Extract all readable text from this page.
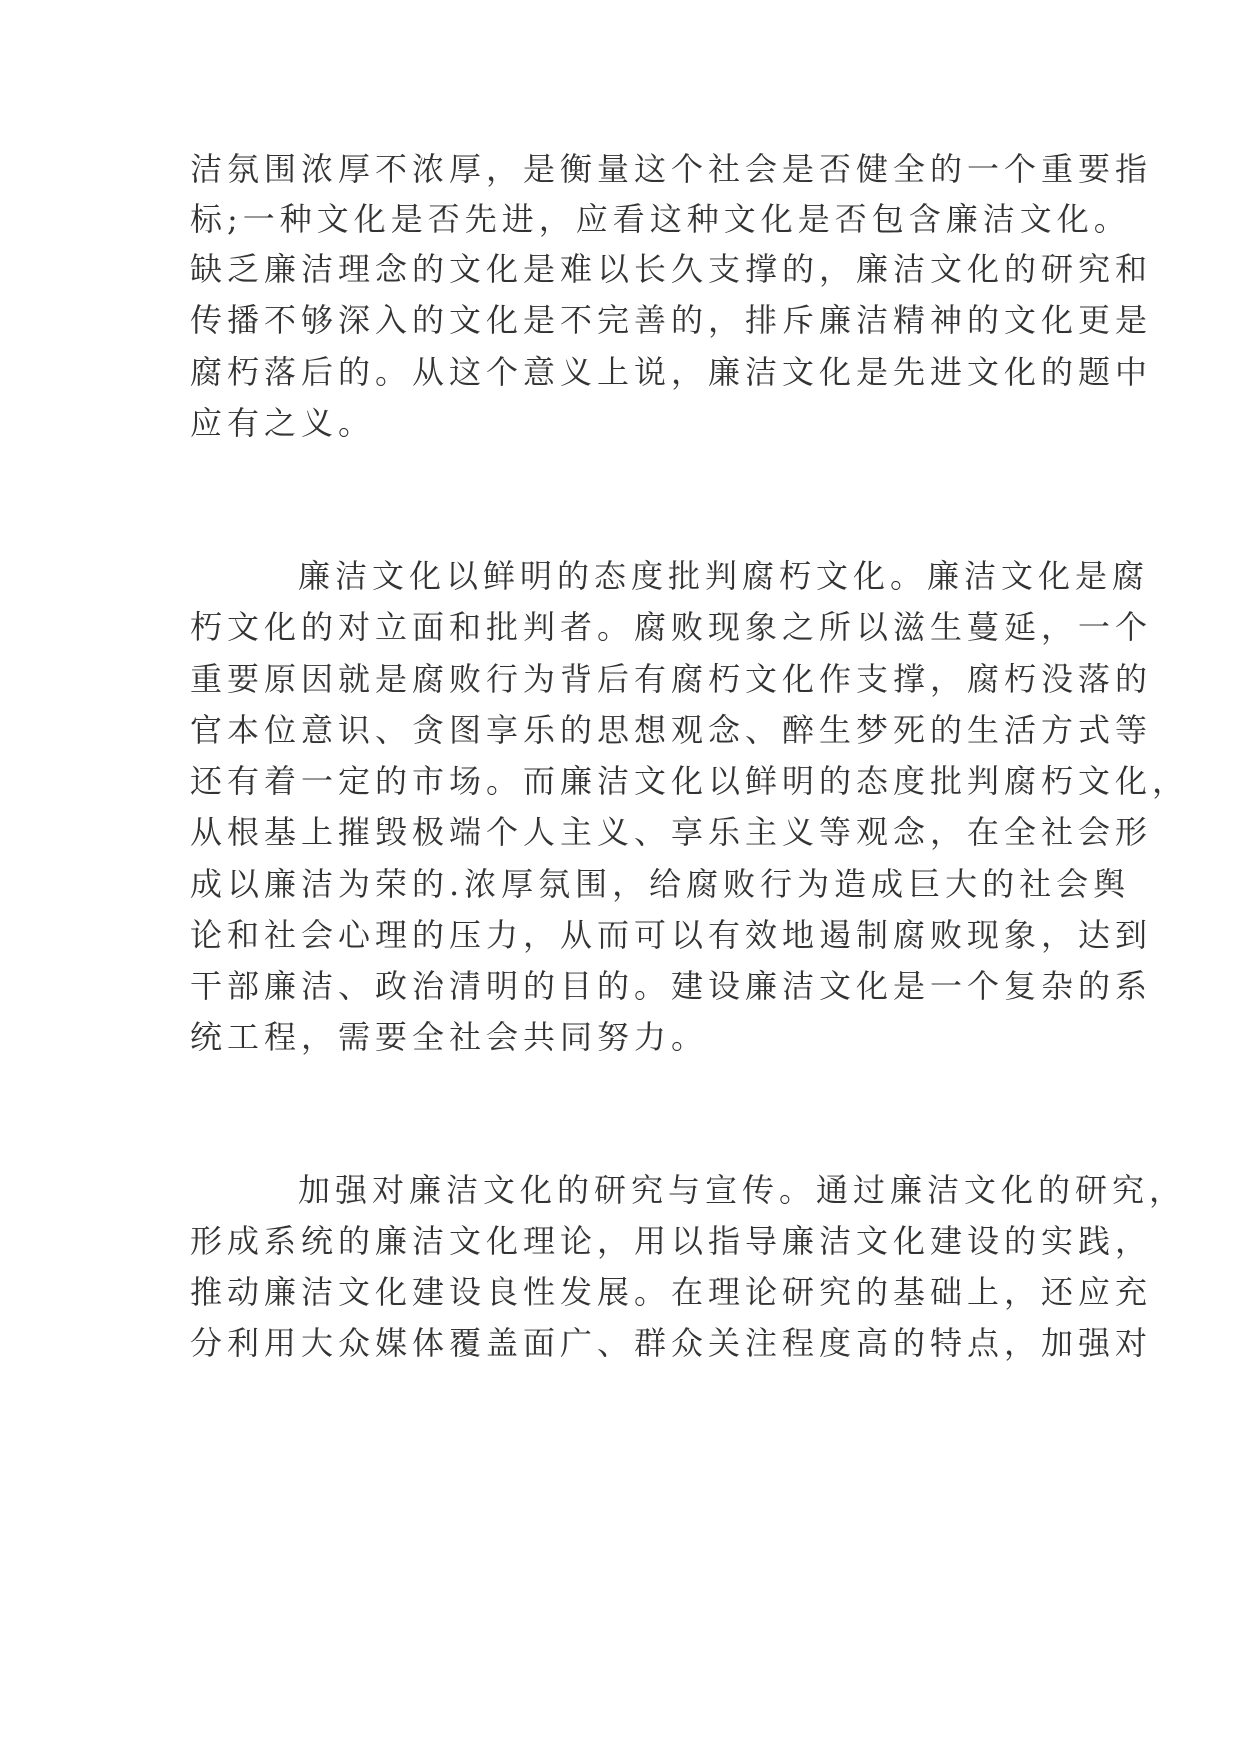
洁氛围浓厚不浓厚，是衡量这个社会是否健全的一个重要指
标;一种文化是否先进，应看这种文化是否包含廉洁文化。
缺乏廉洁理念的文化是难以长久支撑的，廉洁文化的研究和
传播不够深入的文化是不完善的，排斥廉洁精神的文化更是
腐朽落后的。从这个意义上说，廉洁文化是先进文化的题中
应有之义。
廉洁文化以鲜明的态度批判腐朽文化。廉洁文化是腐
朽文化的对立面和批判者。腐败现象之所以滋生蔓延，一个
重要原因就是腐败行为背后有腐朽文化作支撑，腐朽没落的
官本位意识、贪图享乐的思想观念、醉生梦死的生活方式等
还有着一定的市场。而廉洁文化以鲜明的态度批判腐朽文化，
从根基上摧毁极端个人主义、享乐主义等观念，在全社会形
成以廉洁为荣的.浓厚氛围，给腐败行为造成巨大的社会舆
论和社会心理的压力，从而可以有效地遏制腐败现象，达到
干部廉洁、政治清明的目的。建设廉洁文化是一个复杂的系
统工程，需要全社会共同努力。
加强对廉洁文化的研究与宣传。通过廉洁文化的研究，
形成系统的廉洁文化理论，用以指导廉洁文化建设的实践，
推动廉洁文化建设良性发展。在理论研究的基础上，还应充
分利用大众媒体覆盖面广、群众关注程度高的特点，加强对
